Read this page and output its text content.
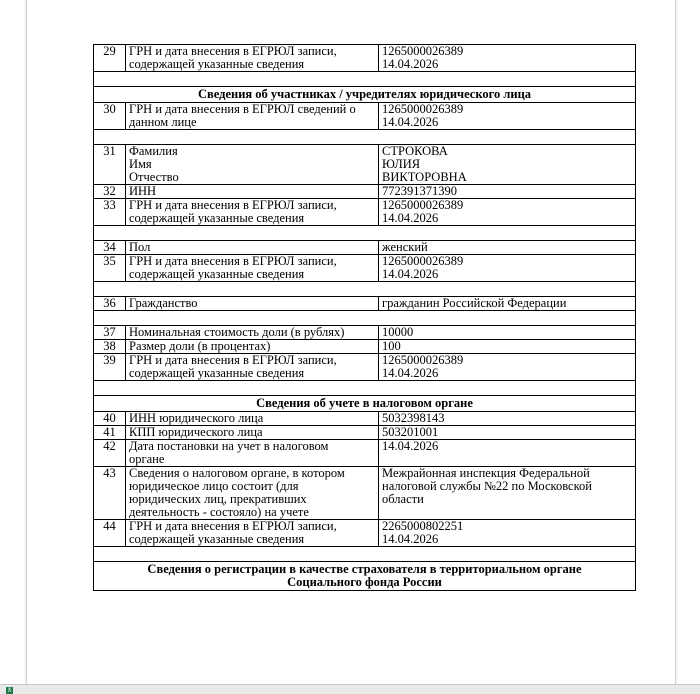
29	ГРН и дата внесения в ЕГРЮЛ записи,
содержащей указанные сведения	1265000026389
14.04.2026

Сведения об участниках / учредителях юридического лица		
30	ГРН и дата внесения в ЕГРЮЛ сведений о
данном лице	1265000026389
14.04.2026

31	Фамилия
Имя
Отчество	СТРОКОВА
ЮЛИЯ
ВИКТОРОВНА
32	ИНН	772391371390
33	ГРН и дата внесения в ЕГРЮЛ записи,
содержащей указанные сведения	1265000026389
14.04.2026

34	Пол	женский
35	ГРН и дата внесения в ЕГРЮЛ записи,
содержащей указанные сведения	1265000026389
14.04.2026

36	Гражданство	гражданин Российской Федерации

37	Номинальная стоимость доли (в рублях)	10000
38	Размер доли (в процентах)	100
39	ГРН и дата внесения в ЕГРЮЛ записи,
содержащей указанные сведения	1265000026389
14.04.2026

Сведения об учете в налоговом органе		
40	ИНН юридического лица	5032398143
41	КПП юридического лица	503201001
42	Дата постановки на учет в налоговом
органе	14.04.2026
43	Сведения о налоговом органе, в котором
юридическое лицо состоит (для
юридических лиц, прекративших
деятельность - состояло) на учете	Межрайонная инспекция Федеральной
налоговой службы №22 по Московской
области
44	ГРН и дата внесения в ЕГРЮЛ записи,
содержащей указанные сведения	2265000802251
14.04.2026

Сведения о регистрации в качестве страхователя в территориальном органе
Социального фонда России		
X
